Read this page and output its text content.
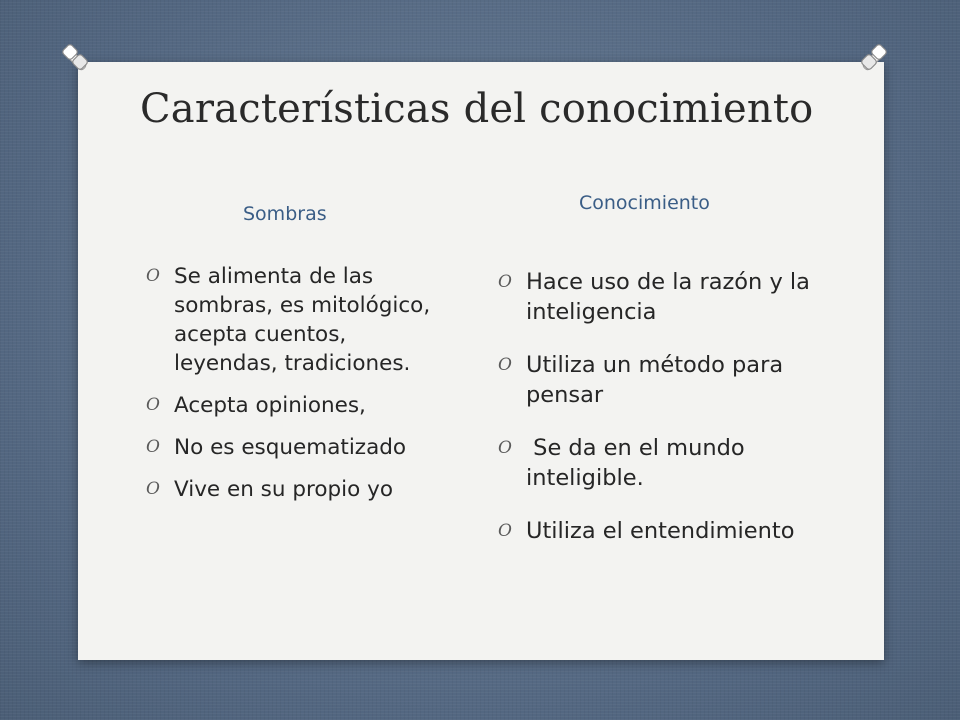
Características del conocimiento
Sombras	Conocimiento
O Se alimenta de las sombras, es mitológico, acepta cuentos, leyendas, tradiciones.
O Acepta opiniones,
O No es esquematizado
O Vive en su propio yo
O Hace uso de la razón y la inteligencia
O Utiliza un método para pensar
O Se da en el mundo inteligible.
O Utiliza el entendimiento
